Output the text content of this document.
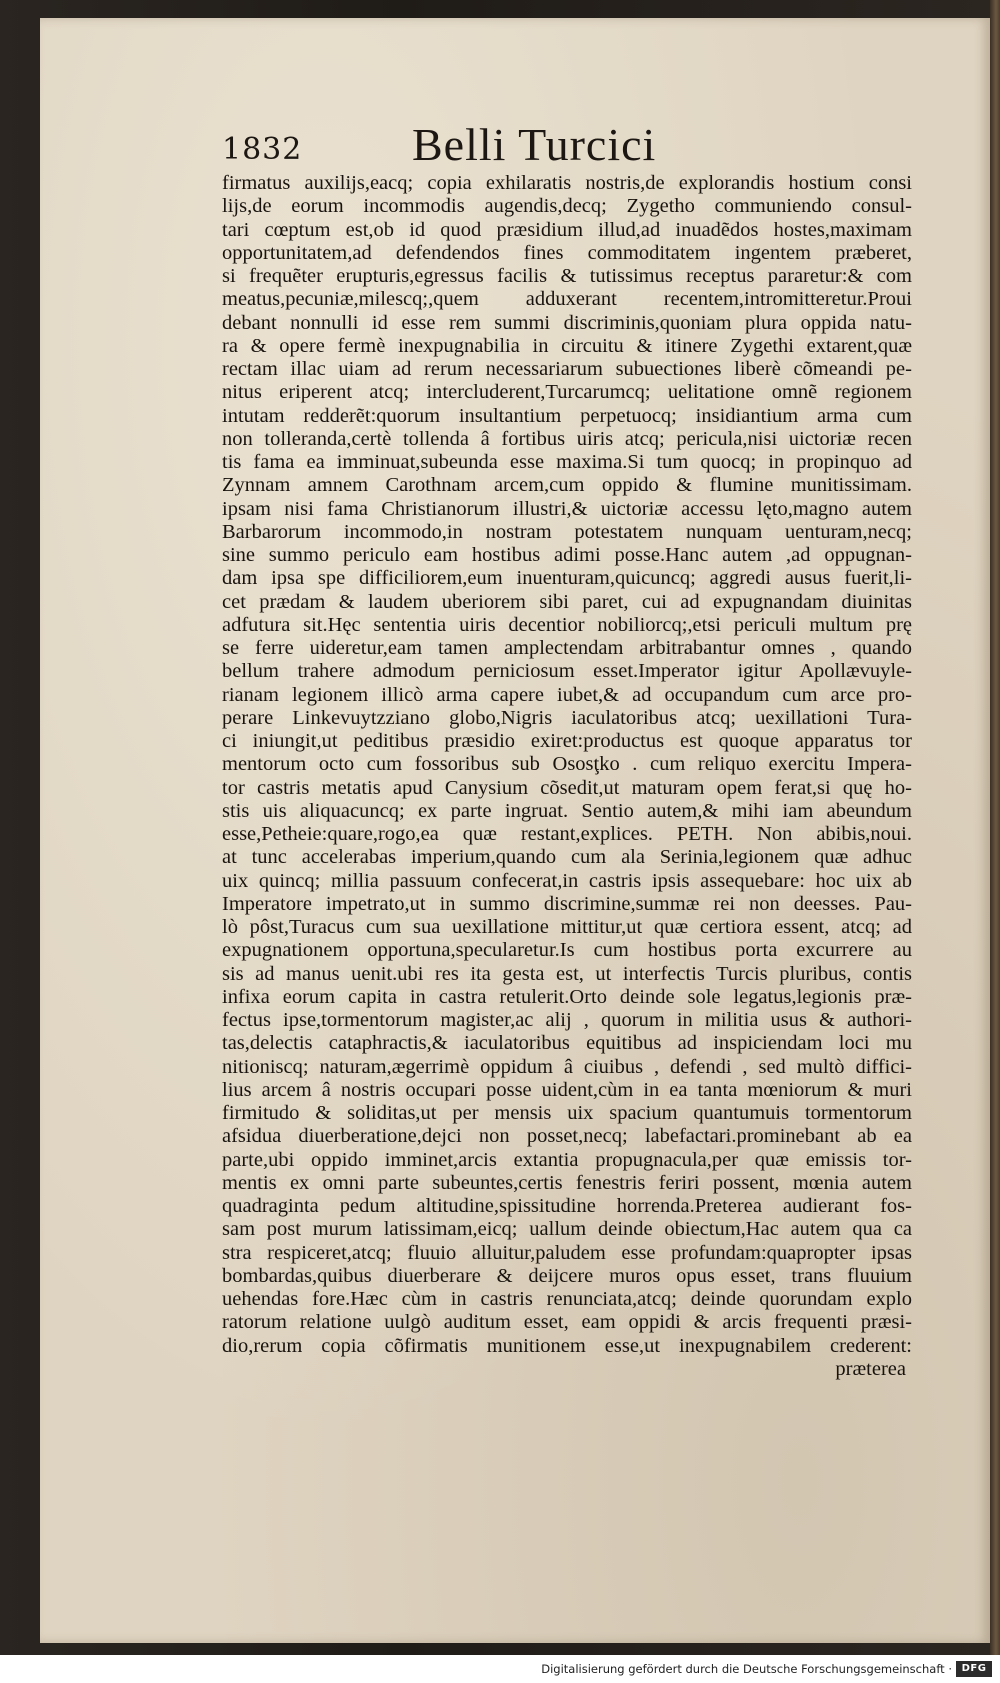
1832 Belli Turcici
firmatus auxilijs,eacq; copia exhilaratis nostris,de explorandis hostium consi
lijs,de eorum incommodis augendis,decq; Zygetho communiendo consul-
tari cœptum est,ob id quod præsidium illud,ad inuadẽdos hostes,maximam
opportunitatem,ad defendendos fines commoditatem ingentem præberet,
si frequẽter erupturis,egressus facilis & tutissimus receptus pararetur:& com
meatus,pecuniæ,milescq;,quem adduxerant recentem,intromitteretur.Proui
debant nonnulli id esse rem summi discriminis,quoniam plura oppida natu-
ra & opere fermè inexpugnabilia in circuitu & itinere Zygethi extarent,quæ
rectam illac uiam ad rerum necessariarum subuectiones liberè cõmeandi pe-
nitus eriperent atcq; intercluderent,Turcarumcq; uelitatione omnẽ regionem
intutam redderẽt:quorum insultantium perpetuocq; insidiantium arma cum
non tolleranda,certè tollenda â fortibus uiris atcq; pericula,nisi uictoriæ recen
tis fama ea imminuat,subeunda esse maxima.Si tum quocq; in propinquo ad
Zynnam amnem Carothnam arcem,cum oppido & flumine munitissimam.
ipsam nisi fama Christianorum illustri,& uictoriæ accessu lęto,magno autem
Barbarorum incommodo,in nostram potestatem nunquam uenturam,necq;
sine summo periculo eam hostibus adimi posse.Hanc autem ,ad oppugnan-
dam ipsa spe difficiliorem,eum inuenturam,quicuncq; aggredi ausus fuerit,li-
cet prædam & laudem uberiorem sibi paret, cui ad expugnandam diuinitas
adfutura sit.Hęc sententia uiris decentior nobiliorcq;,etsi periculi multum prę
se ferre uideretur,eam tamen amplectendam arbitrabantur omnes , quando
bellum trahere admodum perniciosum esset.Imperator igitur Apollævuyle-
rianam legionem illicò arma capere iubet,& ad occupandum cum arce pro-
perare Linkevuytzziano globo,Nigris iaculatoribus atcq; uexillationi Tura-
ci iniungit,ut peditibus præsidio exiret:productus est quoque apparatus tor
mentorum octo cum fossoribus sub Ososţko . cum reliquo exercitu Impera-
tor castris metatis apud Canysium cõsedit,ut maturam opem ferat,si quę ho-
stis uis aliquacuncq; ex parte ingruat. Sentio autem,& mihi iam abeundum
esse,Petheie:quare,rogo,ea quæ restant,explices. PETH. Non abibis,noui.
at tunc accelerabas imperium,quando cum ala Serinia,legionem quæ adhuc
uix quincq; millia passuum confecerat,in castris ipsis assequebare: hoc uix ab
Imperatore impetrato,ut in summo discrimine,summæ rei non deesses. Pau-
lò pôst,Turacus cum sua uexillatione mittitur,ut quæ certiora essent, atcq; ad
expugnationem opportuna,specularetur.Is cum hostibus porta excurrere au
sis ad manus uenit.ubi res ita gesta est, ut interfectis Turcis pluribus, contis
infixa eorum capita in castra retulerit.Orto deinde sole legatus,legionis præ-
fectus ipse,tormentorum magister,ac alij , quorum in militia usus & authori-
tas,delectis cataphractis,& iaculatoribus equitibus ad inspiciendam loci mu
nitioniscq; naturam,ægerrimè oppidum â ciuibus , defendi , sed multò diffici-
lius arcem â nostris occupari posse uident,cùm in ea tanta mœniorum & muri
firmitudo & soliditas,ut per mensis uix spacium quantumuis tormentorum
afsidua diuerberatione,dejci non posset,necq; labefactari.prominebant ab ea
parte,ubi oppido imminet,arcis extantia propugnacula,per quæ emissis tor-
mentis ex omni parte subeuntes,certis fenestris feriri possent, mœnia autem
quadraginta pedum altitudine,spissitudine horrenda.Preterea audierant fos-
sam post murum latissimam,eicq; uallum deinde obiectum,Hac autem qua ca
stra respiceret,atcq; fluuio alluitur,paludem esse profundam:quapropter ipsas
bombardas,quibus diuerberare & deijcere muros opus esset, trans fluuium
uehendas fore.Hæc cùm in castris renunciata,atcq; deinde quorundam explo
ratorum relatione uulgò auditum esset, eam oppidi & arcis frequenti præsi-
dio,rerum copia cõfirmatis munitionem esse,ut inexpugnabilem crederent:
præterea
Digitalisierung gefördert durch die Deutsche Forschungsgemeinschaft · DFG
